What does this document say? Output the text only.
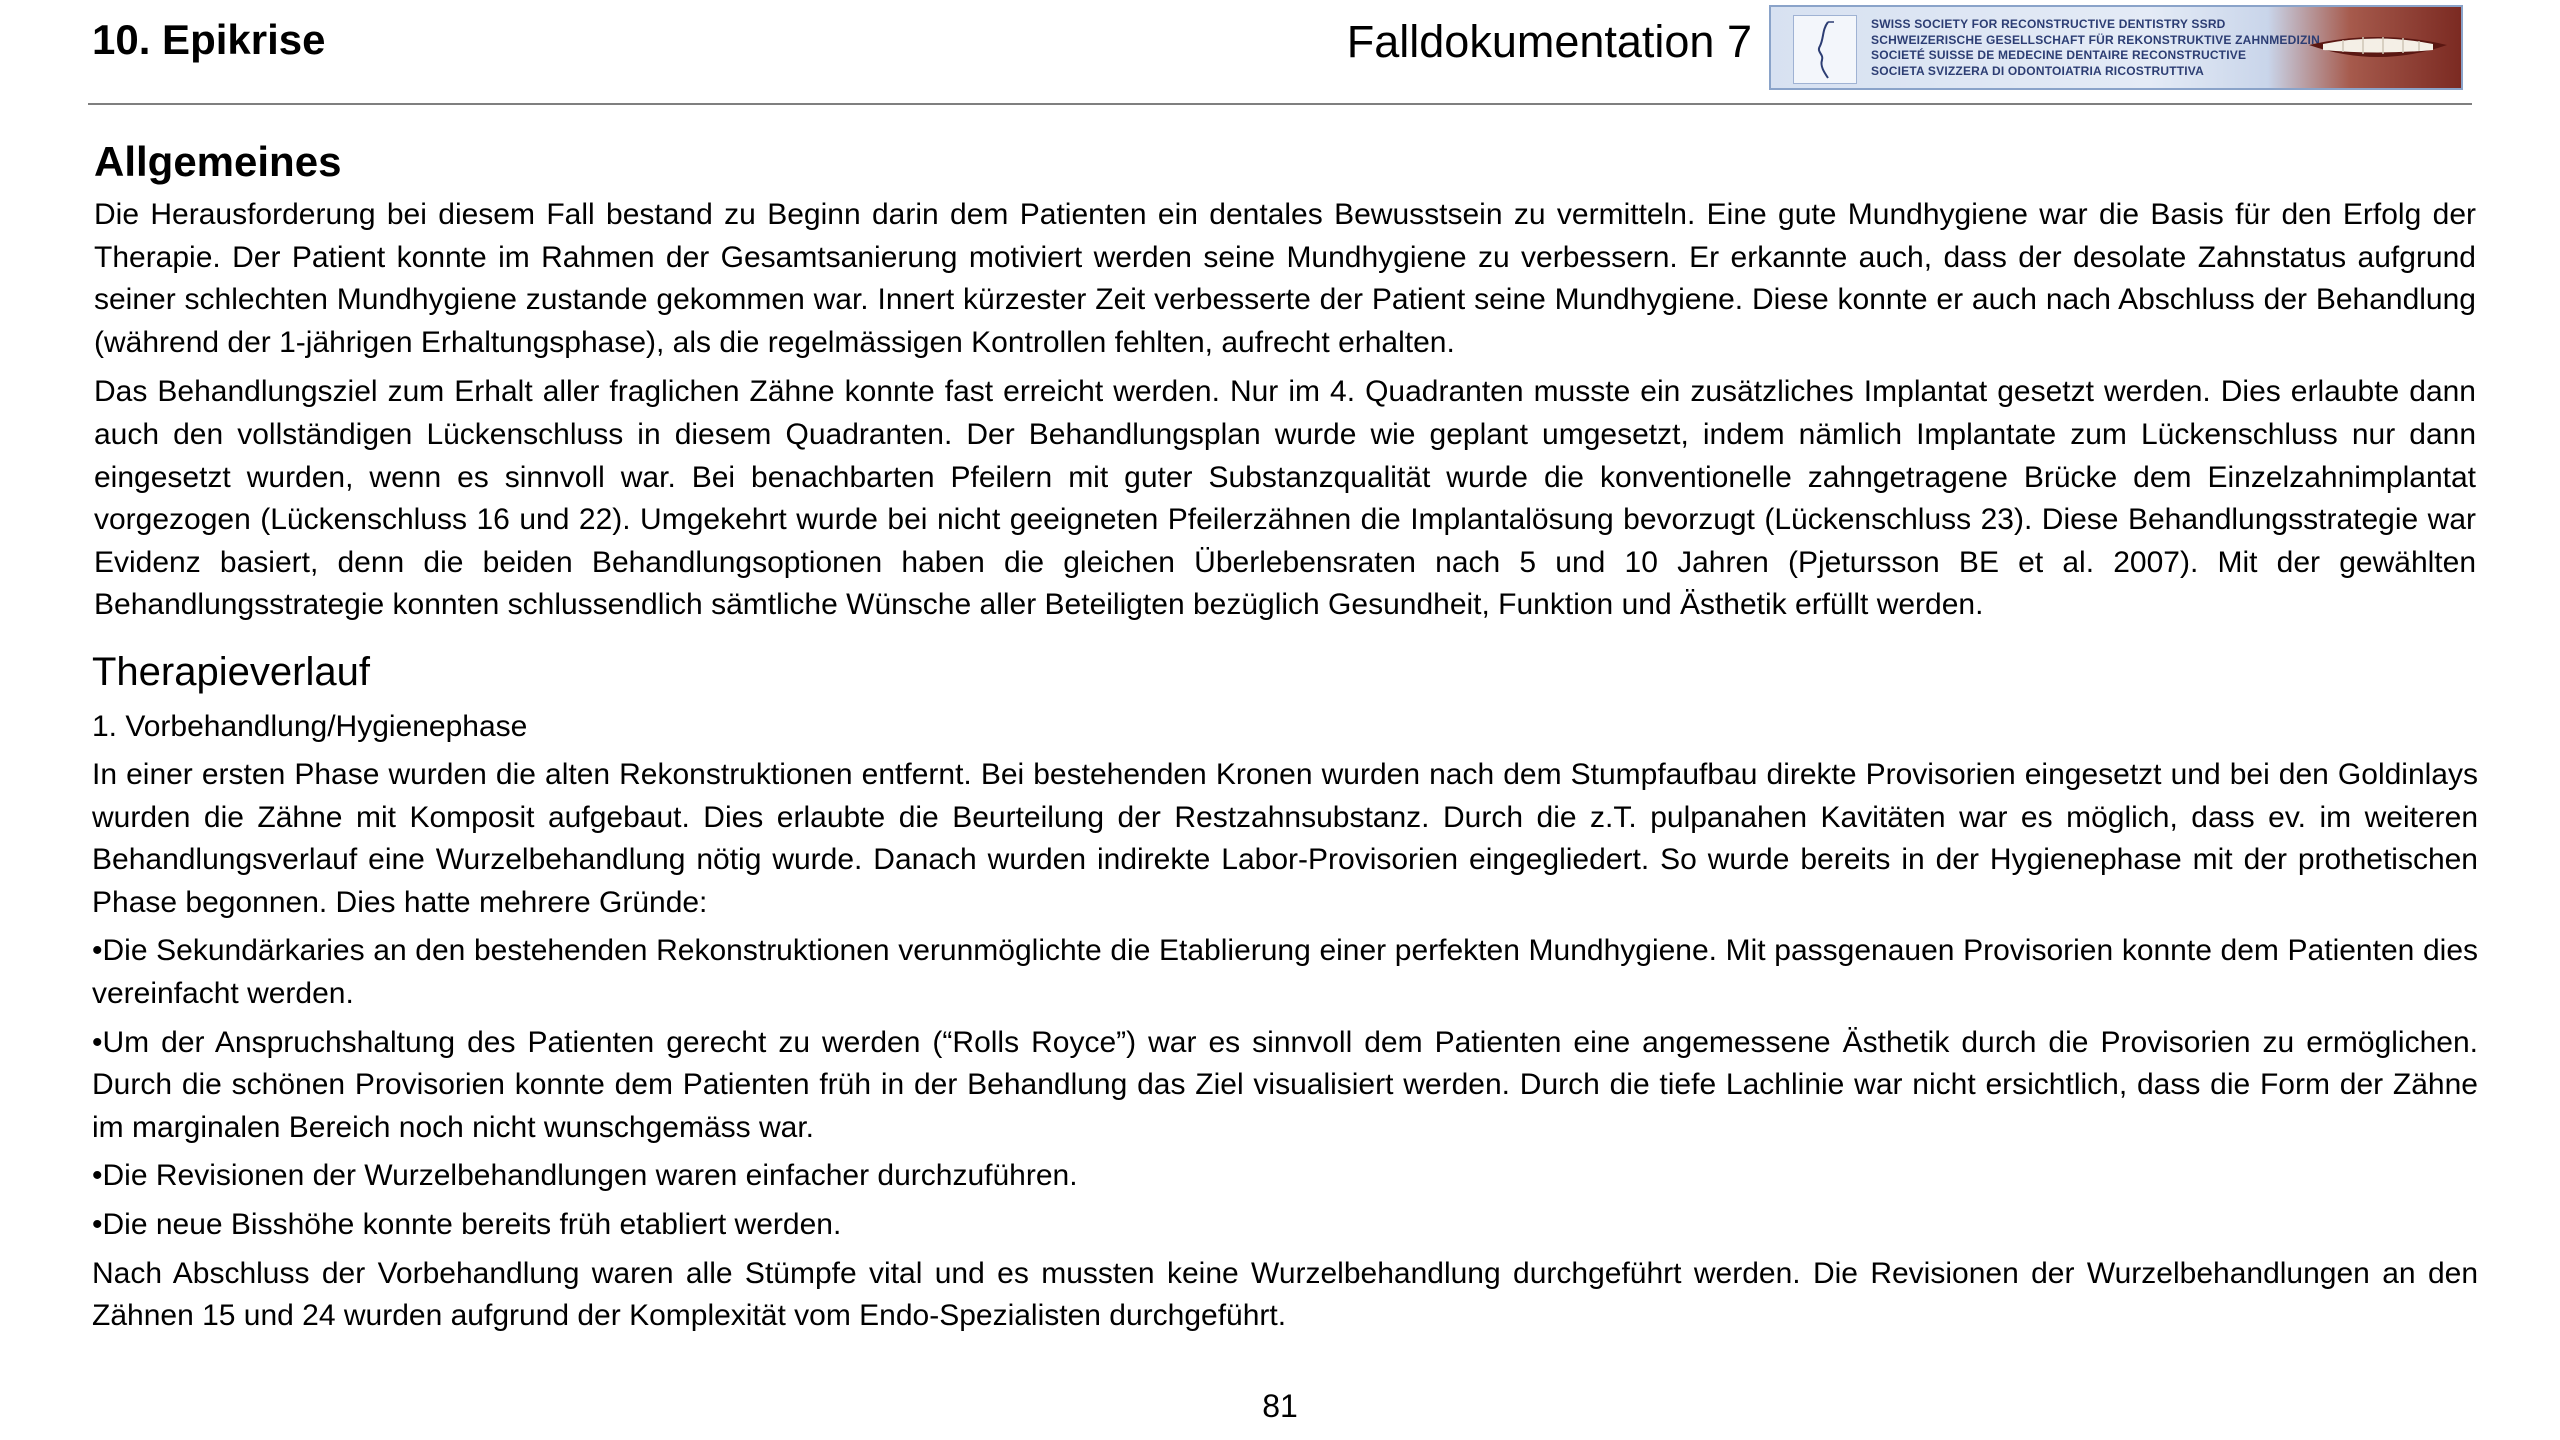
10. Epikrise	Falldokumentation 7	SWISS SOCIETY FOR RECONSTRUCTIVE DENTISTRY SSRD
SCHWEIZERISCHE GESELLSCHAFT FÜR REKONSTRUKTIVE ZAHNMEDIZIN
SOCIETÉ SUISSE DE MEDECINE DENTAIRE RECONSTRUCTIVE
SOCIETA SVIZZERA DI ODONTOIATRIA RICOSTRUTTIVA
Allgemeines

Die Herausforderung bei diesem Fall bestand zu Beginn darin dem Patienten ein dentales Bewusstsein zu vermitteln. Eine gute Mundhygiene war die Basis für den Erfolg der Therapie. Der Patient konnte im Rahmen der Gesamtsanierung motiviert werden seine Mundhygiene zu verbessern. Er erkannte auch, dass der desolate Zahnstatus aufgrund seiner schlechten Mundhygiene zustande gekommen war. Innert kürzester Zeit verbesserte der Patient seine Mundhygiene. Diese konnte er auch nach Abschluss der Behandlung (während der 1-jährigen Erhaltungsphase), als die regelmässigen Kontrollen fehlten, aufrecht erhalten.

Das Behandlungsziel zum Erhalt aller fraglichen Zähne konnte fast erreicht werden. Nur im 4. Quadranten musste ein zusätzliches Implantat gesetzt werden. Dies erlaubte dann auch den vollständigen Lückenschluss in diesem Quadranten. Der Behandlungsplan wurde wie geplant umgesetzt, indem nämlich Implantate zum Lückenschluss nur dann eingesetzt wurden, wenn es sinnvoll war. Bei benachbarten Pfeilern mit guter Substanzqualität wurde die konventionelle zahngetragene Brücke dem Einzelzahnimplantat vorgezogen (Lückenschluss 16 und 22). Umgekehrt wurde bei nicht geeigneten Pfeilerzähnen die Implantalösung bevorzugt (Lückenschluss 23). Diese Behandlungsstrategie war Evidenz basiert, denn die beiden Behandlungsoptionen haben die gleichen Überlebensraten nach 5 und 10 Jahren (Pjetursson BE et al. 2007). Mit der gewählten Behandlungsstrategie konnten schlussendlich sämtliche Wünsche aller Beteiligten bezüglich Gesundheit, Funktion und Ästhetik erfüllt werden.

Therapieverlauf
1. Vorbehandlung/Hygienephase

In einer ersten Phase wurden die alten Rekonstruktionen entfernt. Bei bestehenden Kronen wurden nach dem Stumpfaufbau direkte Provisorien eingesetzt und bei den Goldinlays wurden die Zähne mit Komposit aufgebaut. Dies erlaubte die Beurteilung der Restzahnsubstanz. Durch die z.T. pulpanahen Kavitäten war es möglich, dass ev. im weiteren Behandlungsverlauf eine Wurzelbehandlung nötig wurde. Danach wurden indirekte Labor-Provisorien eingegliedert. So wurde bereits in der Hygienephase mit der prothetischen Phase begonnen. Dies hatte mehrere Gründe:

•Die Sekundärkaries an den bestehenden Rekonstruktionen verunmöglichte die Etablierung einer perfekten Mundhygiene. Mit passgenauen Provisorien konnte dem Patienten dies vereinfacht werden.

•Um der Anspruchshaltung des Patienten gerecht zu werden (“Rolls Royce”) war es sinnvoll dem Patienten eine angemessene Ästhetik durch die Provisorien zu ermöglichen. Durch die schönen Provisorien konnte dem Patienten früh in der Behandlung das Ziel visualisiert werden. Durch die tiefe Lachlinie war nicht ersichtlich, dass die Form der Zähne im marginalen Bereich noch nicht wunschgemäss war.

•Die Revisionen der Wurzelbehandlungen waren einfacher durchzuführen.

•Die neue Bisshöhe konnte bereits früh etabliert werden.

Nach Abschluss der Vorbehandlung waren alle Stümpfe vital und es mussten keine Wurzelbehandlung durchgeführt werden. Die Revisionen der Wurzelbehandlungen an den Zähnen 15 und 24 wurden aufgrund der Komplexität vom Endo-Spezialisten durchgeführt.

81
